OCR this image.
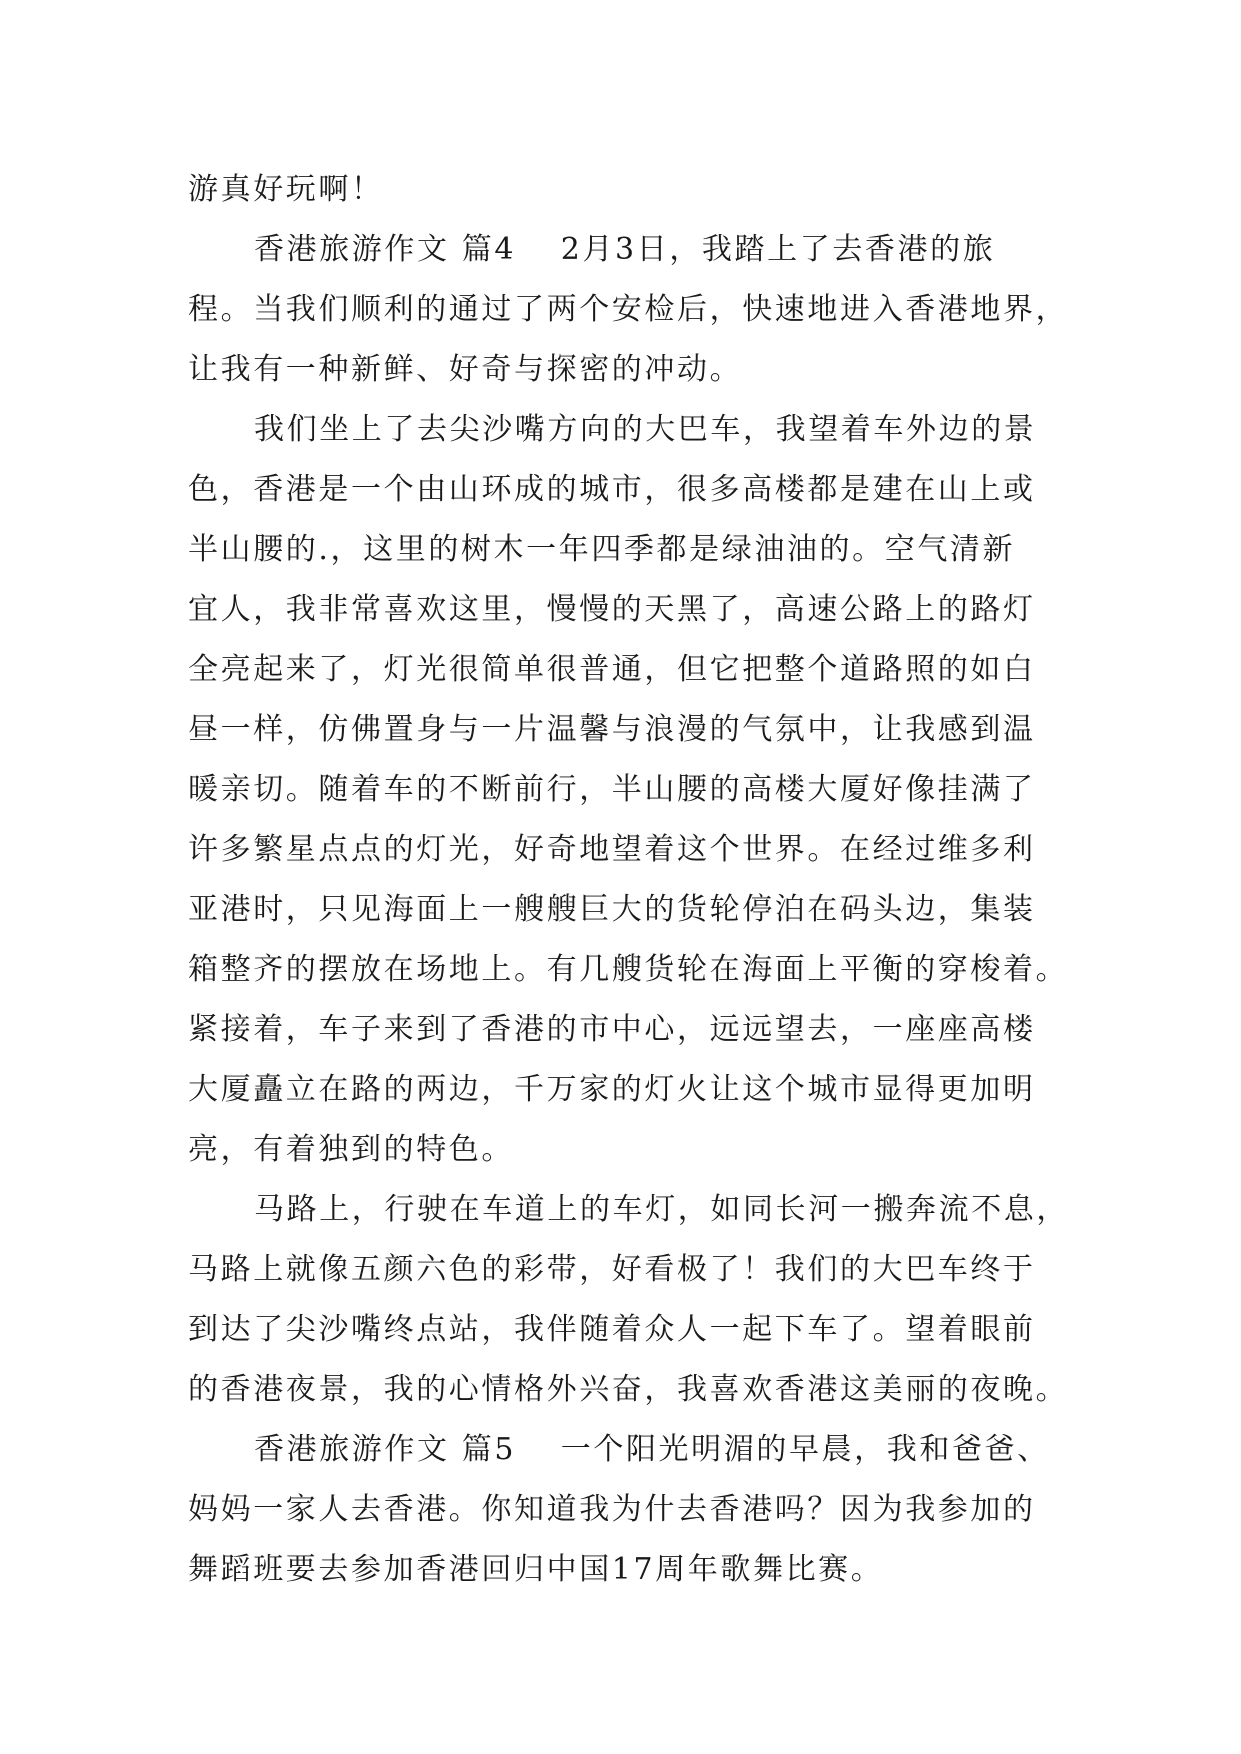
游真好玩啊！
香港旅游作文 篇4 　2月3日，我踏上了去香港的旅
程。当我们顺利的通过了两个安检后，快速地进入香港地界，
让我有一种新鲜、好奇与探密的冲动。
我们坐上了去尖沙嘴方向的大巴车，我望着车外边的景
色，香港是一个由山环成的城市，很多高楼都是建在山上或
半山腰的.，这里的树木一年四季都是绿油油的。空气清新
宜人，我非常喜欢这里，慢慢的天黑了，高速公路上的路灯
全亮起来了，灯光很简单很普通，但它把整个道路照的如白
昼一样，仿佛置身与一片温馨与浪漫的气氛中，让我感到温
暖亲切。随着车的不断前行，半山腰的高楼大厦好像挂满了
许多繁星点点的灯光，好奇地望着这个世界。在经过维多利
亚港时，只见海面上一艘艘巨大的货轮停泊在码头边，集装
箱整齐的摆放在场地上。有几艘货轮在海面上平衡的穿梭着。
紧接着，车子来到了香港的市中心，远远望去，一座座高楼
大厦矗立在路的两边，千万家的灯火让这个城市显得更加明
亮，有着独到的特色。
马路上，行驶在车道上的车灯，如同长河一搬奔流不息，
马路上就像五颜六色的彩带，好看极了！我们的大巴车终于
到达了尖沙嘴终点站，我伴随着众人一起下车了。望着眼前
的香港夜景，我的心情格外兴奋，我喜欢香港这美丽的夜晚。
香港旅游作文 篇5 　一个阳光明湄的早晨，我和爸爸、
妈妈一家人去香港。你知道我为什去香港吗？因为我参加的
舞蹈班要去参加香港回归中国17周年歌舞比赛。
